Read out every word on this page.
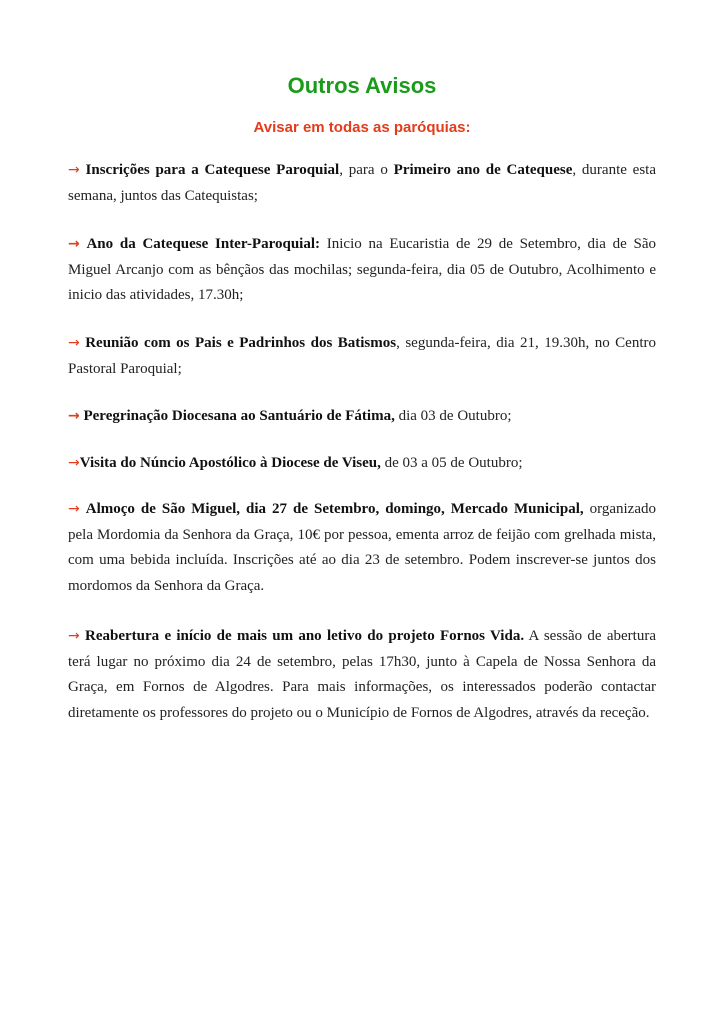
Outros Avisos
Avisar em todas as paróquias:

→ Inscrições para a Catequese Paroquial, para o Primeiro ano de Catequese, durante esta semana, juntos das Catequistas;

→ Ano da Catequese Inter-Paroquial: Inicio na Eucaristia de 29 de Setembro, dia de São Miguel Arcanjo com as bênçãos das mochilas; segunda-feira, dia 05 de Outubro, Acolhimento e inicio das atividades, 17.30h;

→ Reunião com os Pais e Padrinhos dos Batismos, segunda-feira, dia 21, 19.30h, no Centro Pastoral Paroquial;

→ Peregrinação Diocesana ao Santuário de Fátima, dia 03 de Outubro;

→Visita do Núncio Apostólico à Diocese de Viseu, de 03 a 05 de Outubro;

→ Almoço de São Miguel, dia 27 de Setembro, domingo, Mercado Municipal, organizado pela Mordomia da Senhora da Graça, 10€ por pessoa, ementa arroz de feijão com grelhada mista, com uma bebida incluída. Inscrições até ao dia 23 de setembro. Podem inscrever-se juntos dos mordomos da Senhora da Graça.

→ Reabertura e início de mais um ano letivo do projeto Fornos Vida. A sessão de abertura terá lugar no próximo dia 24 de setembro, pelas 17h30, junto à Capela de Nossa Senhora da Graça, em Fornos de Algodres. Para mais informações, os interessados poderão contactar diretamente os professores do projeto ou o Município de Fornos de Algodres, através da receção.
